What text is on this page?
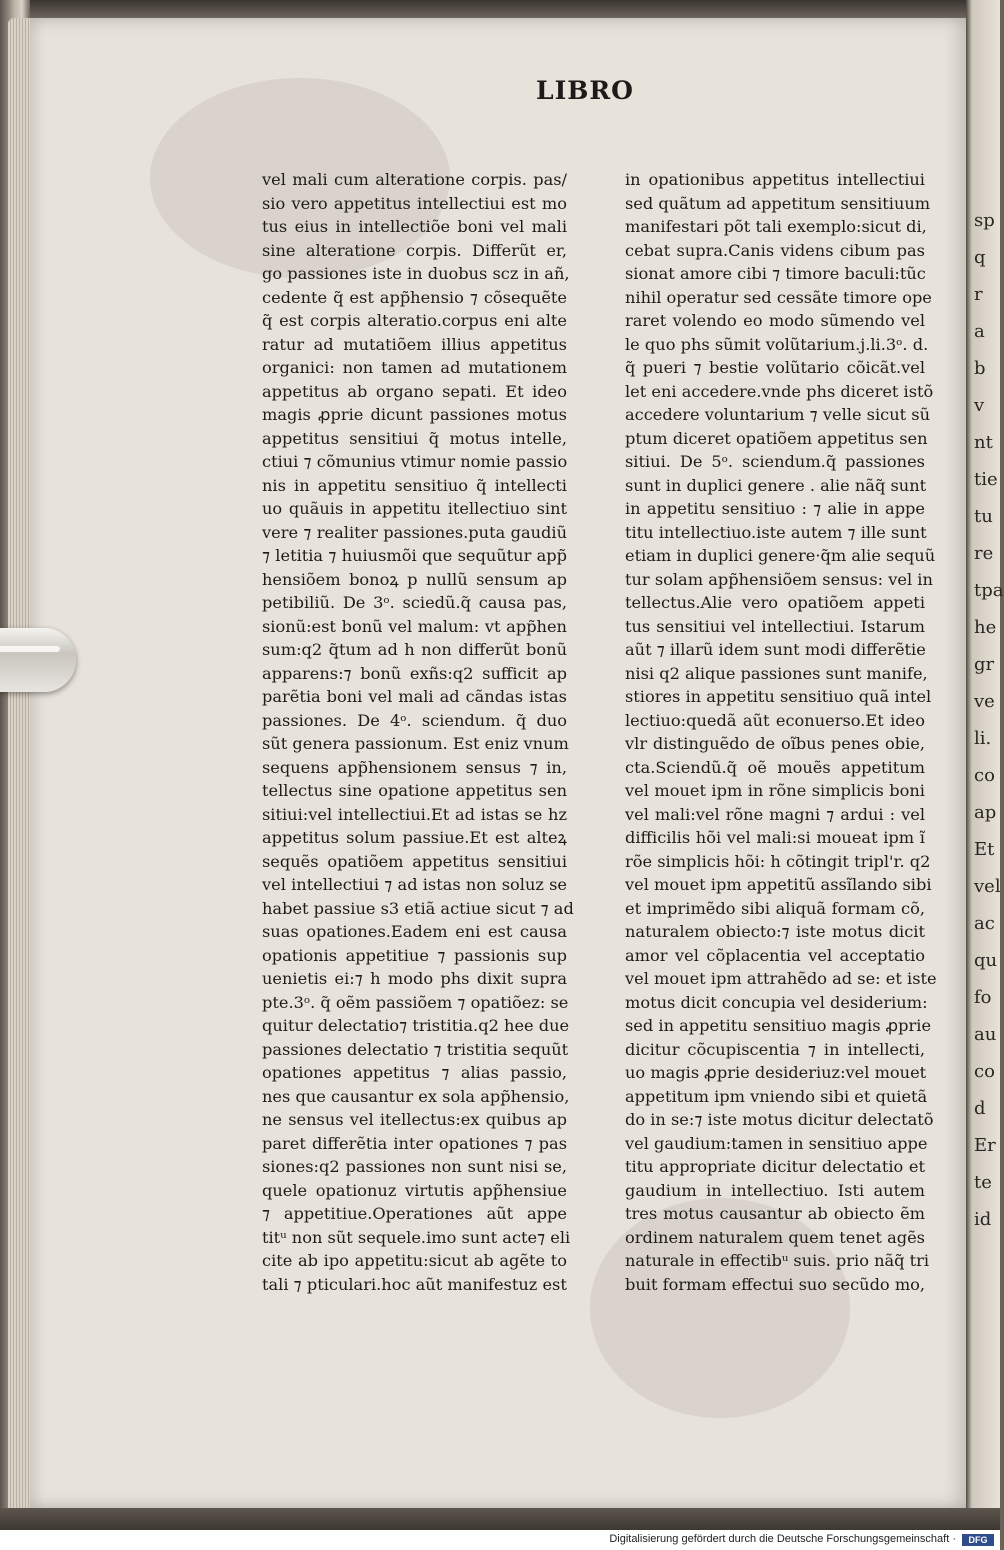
sp
q
r
a
b
v
nt
tie
tu
re
tpa
he
gr
ve
li.
co
ap
Et
vel
ac
qu
fo
au
co
d
Er
te
id
LIBRO
vel mali cum alteratione corpis. pas/
sio vero appetitus intellectiui est mo
tus eius in intellectiõe boni vel mali
sine alteratione corpis. Differũt er,
go passiones iste in duobus scz in añ,
cedente q̃ est app̃hensio ⁊ cõsequẽte
q̃ est corpis alteratio.corpus eni alte
ratur ad mutatiõem illius appetitus
organici: non tamen ad mutationem
appetitus ab organo sepati. Et ideo
magis ꝓprie dicunt passiones motus
appetitus sensitiui q̃ motus intelle,
ctiui ⁊ cõmunius vtimur nomie passio
nis in appetitu sensitiuo q̃ intellecti
uo quãuis in appetitu itellectiuo sint
vere ⁊ realiter passiones.puta gaudiũ
⁊ letitia ⁊ huiusmõi que sequũtur app̃
hensiõem bonoꝝ p nullũ sensum ap
petibiliũ. De 3ᵒ. sciedũ.q̃ causa pas,
sionũ:est bonũ vel malum: vt app̃hen
sum:q2 q̃tum ad h non differũt bonũ
apparens:⁊ bonũ exñs:q2 sufficit ap
parẽtia boni vel mali ad cãndas istas
passiones. De 4ᵒ. sciendum. q̃ duo
sũt genera passionum. Est eniz vnum
sequens app̃hensionem sensus ⁊ in,
tellectus sine opatione appetitus sen
sitiui:vel intellectiui.Et ad istas se hz
appetitus solum passiue.Et est alteꝝ
sequẽs opatiõem appetitus sensitiui
vel intellectiui ⁊ ad istas non soluz se
habet passiue s3 etiã actiue sicut ⁊ ad
suas opationes.Eadem eni est causa
opationis appetitiue ⁊ passionis sup
uenietis ei:⁊ h modo phs dixit supra
pte.3ᵒ. q̃ oẽm passiõem ⁊ opatiõez: se
quitur delectatio⁊ tristitia.q2 hee due
passiones delectatio ⁊ tristitia sequũt
opationes appetitus ⁊ alias passio,
nes que causantur ex sola app̃hensio,
ne sensus vel itellectus:ex quibus ap
paret differẽtia inter opationes ⁊ pas
siones:q2 passiones non sunt nisi se,
quele opationuz virtutis app̃hensiue
⁊ appetitiue.Operationes aũt appe
titᵘ non sũt sequele.imo sunt acte⁊ eli
cite ab ipo appetitu:sicut ab agẽte to
tali ⁊ pticulari.hoc aũt manifestuz est
in opationibus appetitus intellectiui
sed quãtum ad appetitum sensitiuum
manifestari põt tali exemplo:sicut di,
cebat supra.Canis videns cibum pas
sionat amore cibi ⁊ timore baculi:tũc
nihil operatur sed cessãte timore ope
raret volendo eo modo sũmendo vel
le quo phs sũmit volũtarium.j.li.3ᵒ. d.
q̃ pueri ⁊ bestie volũtario cõicãt.vel
let eni accedere.vnde phs diceret istõ
accedere voluntarium ⁊ velle sicut sũ
ptum diceret opatiõem appetitus sen
sitiui. De 5ᵒ. sciendum.q̃ passiones
sunt in duplici genere . alie nãq̃ sunt
in appetitu sensitiuo : ⁊ alie in appe
titu intellectiuo.iste autem ⁊ ille sunt
etiam in duplici genere·q̃m alie sequũ
tur solam app̃hensiõem sensus: vel in
tellectus.Alie vero opatiõem appeti
tus sensitiui vel intellectiui. Istarum
aũt ⁊ illarũ idem sunt modi differẽtie
nisi q2 alique passiones sunt manife,
stiores in appetitu sensitiuo quã intel
lectiuo:quedã aũt econuerso.Et ideo
vlr distinguẽdo de oĩbus penes obie,
cta.Sciendũ.q̃ oẽ mouẽs appetitum
vel mouet ipm in rõne simplicis boni
vel mali:vel rõne magni ⁊ ardui : vel
difficilis hõi vel mali:si moueat ipm ĩ
rõe simplicis hõi: h cõtingit tripl'r. q2
vel mouet ipm appetitũ assĩlando sibi
et imprimẽdo sibi aliquã formam cõ,
naturalem obiecto:⁊ iste motus dicit
amor vel cõplacentia vel acceptatio
vel mouet ipm attrahẽdo ad se: et iste
motus dicit concupia vel desiderium:
sed in appetitu sensitiuo magis ꝓprie
dicitur cõcupiscentia ⁊ in intellecti,
uo magis ꝓprie desideriuz:vel mouet
appetitum ipm vniendo sibi et quietã
do in se:⁊ iste motus dicitur delectatõ
vel gaudium:tamen in sensitiuo appe
titu appropriate dicitur delectatio et
gaudium in intellectiuo. Isti autem
tres motus causantur ab obiecto ẽm
ordinem naturalem quem tenet agẽs
naturale in effectibᵘ suis. prio nãq̃ tri
buit formam effectui suo secũdo mo,
Digitalisierung gefördert durch die Deutsche Forschungsgemeinschaft ·	DFG
